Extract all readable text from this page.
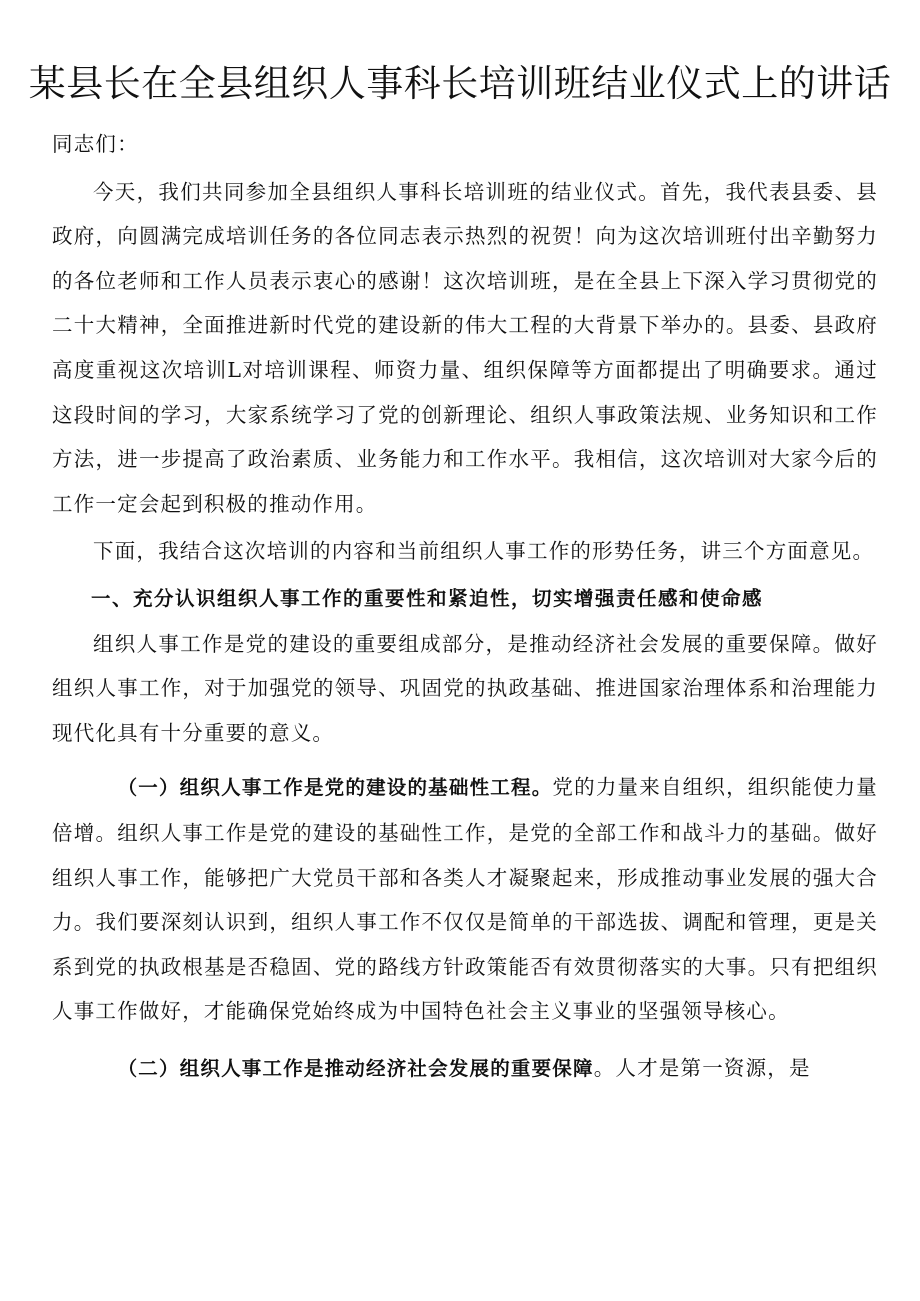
某县长在全县组织人事科长培训班结业仪式上的讲话

同志们：

今天，我们共同参加全县组织人事科长培训班的结业仪式。首先，我代表县委、县政府，向圆满完成培训任务的各位同志表示热烈的祝贺！向为这次培训班付出辛勤努力的各位老师和工作人员表示衷心的感谢！这次培训班，是在全县上下深入学习贯彻党的二十大精神，全面推进新时代党的建设新的伟大工程的大背景下举办的。县委、县政府高度重视这次培训L对培训课程、师资力量、组织保障等方面都提出了明确要求。通过这段时间的学习，大家系统学习了党的创新理论、组织人事政策法规、业务知识和工作方法，进一步提高了政治素质、业务能力和工作水平。我相信，这次培训对大家今后的工作一定会起到积极的推动作用。

下面，我结合这次培训的内容和当前组织人事工作的形势任务，讲三个方面意见。

一、充分认识组织人事工作的重要性和紧迫性，切实增强责任感和使命感

组织人事工作是党的建设的重要组成部分，是推动经济社会发展的重要保障。做好组织人事工作，对于加强党的领导、巩固党的执政基础、推进国家治理体系和治理能力现代化具有十分重要的意义。

（一）组织人事工作是党的建设的基础性工程。党的力量来自组织，组织能使力量倍增。组织人事工作是党的建设的基础性工作，是党的全部工作和战斗力的基础。做好组织人事工作，能够把广大党员干部和各类人才凝聚起来，形成推动事业发展的强大合力。我们要深刻认识到，组织人事工作不仅仅是简单的干部选拔、调配和管理，更是关系到党的执政根基是否稳固、党的路线方针政策能否有效贯彻落实的大事。只有把组织人事工作做好，才能确保党始终成为中国特色社会主义事业的坚强领导核心。

（二）组织人事工作是推动经济社会发展的重要保障。人才是第一资源，是
